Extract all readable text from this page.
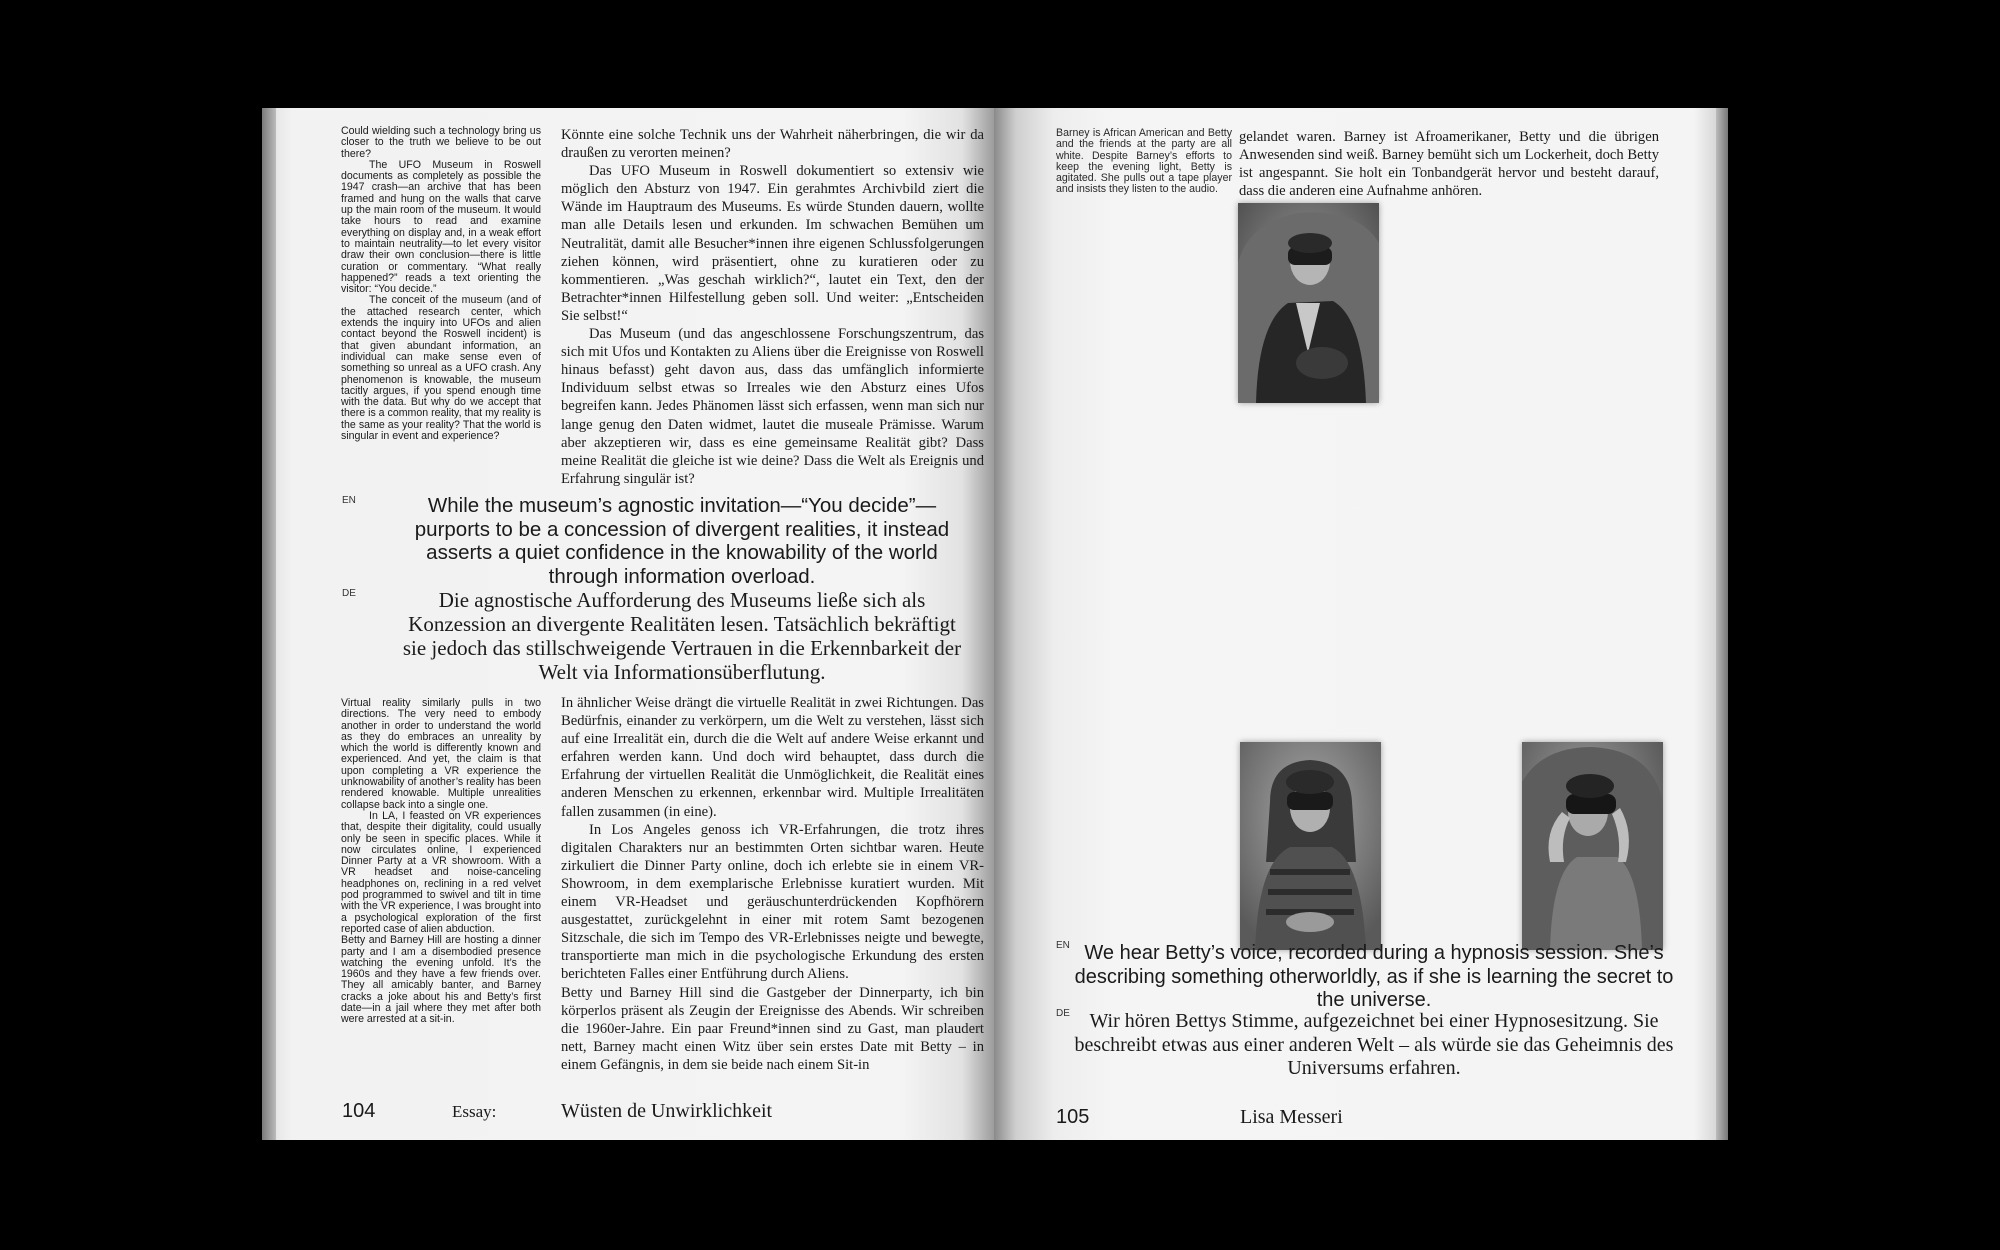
Could wielding such a technology bring us closer to the truth we believe to be out there?

The UFO Museum in Roswell documents as completely as possible the 1947 crash—an archive that has been framed and hung on the walls that carve up the main room of the museum. It would take hours to read and examine everything on display and, in a weak effort to maintain neutrality—to let every visitor draw their own conclusion—there is little curation or commentary. “What really happened?” reads a text orienting the visitor: “You decide.”

The conceit of the museum (and of the attached research center, which extends the inquiry into UFOs and alien contact beyond the Roswell incident) is that given abundant information, an individual can make sense even of something so unreal as a UFO crash. Any phenomenon is knowable, the museum tacitly argues, if you spend enough time with the data. But why do we accept that there is a common reality, that my reality is the same as your reality? That the world is singular in event and experience?

Könnte eine solche Technik uns der Wahrheit näherbringen, die wir da draußen zu verorten meinen?

Das UFO Museum in Roswell dokumentiert so extensiv wie möglich den Absturz von 1947. Ein gerahmtes Archivbild ziert die Wände im Hauptraum des Museums. Es würde Stunden dauern, wollte man alle Details lesen und erkunden. Im schwachen Bemühen um Neutralität, damit alle Besucher*innen ihre eigenen Schlussfolgerungen ziehen können, wird präsentiert, ohne zu kuratieren oder zu kommentieren. „Was geschah wirklich?“, lautet ein Text, den der Betrachter*innen Hilfestellung geben soll. Und weiter: „Entscheiden Sie selbst!“

Das Museum (und das angeschlossene Forschungszentrum, das sich mit Ufos und Kontakten zu Aliens über die Ereignisse von Roswell hinaus befasst) geht davon aus, dass das umfänglich informierte Individuum selbst etwas so Irreales wie den Absturz eines Ufos begreifen kann. Jedes Phänomen lässt sich erfassen, wenn man sich nur lange genug den Daten widmet, lautet die museale Prämisse. Warum aber akzeptieren wir, dass es eine gemeinsame Realität gibt? Dass meine Realität die gleiche ist wie deine? Dass die Welt als Ereignis und Erfahrung singulär ist?

EN	While the museum’s agnostic invitation—“You decide”—purports to be a concession of divergent realities, it instead asserts a quiet confidence in the knowability of the world through information overload.
DE	Die agnostische Aufforderung des Museums ließe sich als Konzession an divergente Realitäten lesen. Tatsächlich bekräftigt sie jedoch das stillschweigende Vertrauen in die Erkennbarkeit der Welt via Informationsüberflutung.

Virtual reality similarly pulls in two directions. The very need to embody another in order to understand the world as they do embraces an unreality by which the world is differently known and experienced. And yet, the claim is that upon completing a VR experience the unknowability of another’s reality has been rendered knowable. Multiple unrealities collapse back into a single one.

In LA, I feasted on VR experiences that, despite their digitality, could usually only be seen in specific places. While it now circulates online, I experienced Dinner Party at a VR showroom. With a VR headset and noise-canceling headphones on, reclining in a red velvet pod programmed to swivel and tilt in time with the VR experience, I was brought into a psychological exploration of the first reported case of alien abduction.

Betty and Barney Hill are hosting a dinner party and I am a disembodied presence watching the evening unfold. It’s the 1960s and they have a few friends over. They all amicably banter, and Barney cracks a joke about his and Betty’s first date—in a jail where they met after both were arrested at a sit-in.

In ähnlicher Weise drängt die virtuelle Realität in zwei Richtungen. Das Bedürfnis, einander zu verkörpern, um die Welt zu verstehen, lässt sich auf eine Irrealität ein, durch die die Welt auf andere Weise erkannt und erfahren werden kann. Und doch wird behauptet, dass durch die Erfahrung der virtuellen Realität die Unmöglichkeit, die Realität eines anderen Menschen zu erkennen, erkennbar wird. Multiple Irrealitäten fallen zusammen (in eine).

In Los Angeles genoss ich VR-Erfahrungen, die trotz ihres digitalen Charakters nur an bestimmten Orten sichtbar waren. Heute zirkuliert die Dinner Party online, doch ich erlebte sie in einem VR-Showroom, in dem exemplarische Erlebnisse kuratiert wurden. Mit einem VR-Headset und geräuschunterdrückenden Kopfhörern ausgestattet, zurückgelehnt in einer mit rotem Samt bezogenen Sitzschale, die sich im Tempo des VR-Erlebnisses neigte und bewegte, transportierte man mich in die psychologische Erkundung des ersten berichteten Falles einer Entführung durch Aliens.

Betty und Barney Hill sind die Gastgeber der Dinnerparty, ich bin körperlos präsent als Zeugin der Ereignisse des Abends. Wir schreiben die 1960er-Jahre. Ein paar Freund*innen sind zu Gast, man plaudert nett, Barney macht einen Witz über sein erstes Date mit Betty – in einem Gefängnis, in dem sie beide nach einem Sit-in

104	Essay:	Wüsten de Unwirklichkeit
Barney is African American and Betty and the friends at the party are all white. Despite Barney’s efforts to keep the evening light, Betty is agitated. She pulls out a tape player and insists they listen to the audio.
gelandet waren. Barney ist Afroamerikaner, Betty und die übrigen Anwesenden sind weiß. Barney bemüht sich um Lockerheit, doch Betty ist angespannt. Sie holt ein Tonbandgerät hervor und besteht darauf, dass die anderen eine Aufnahme anhören.
EN We hear Betty’s voice, recorded during a hypnosis session. She’s describing something otherworldly, as if she is learning the secret to the universe.
DE Wir hören Bettys Stimme, aufgezeichnet bei einer Hypnosesitzung. Sie beschreibt etwas aus einer anderen Welt – als würde sie das Geheimnis des Universums erfahren.
105	Lisa Messeri
